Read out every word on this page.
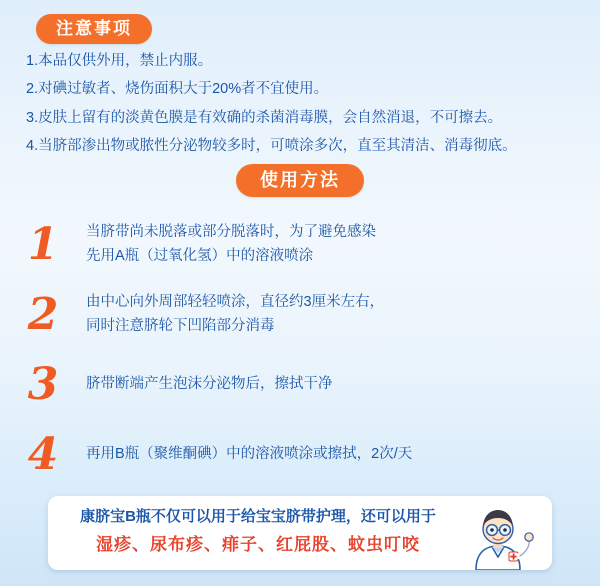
注意事项
1.本品仅供外用，禁止内服。
2.对碘过敏者、烧伤面积大于20%者不宜使用。
3.皮肤上留有的淡黄色膜是有效确的杀菌消毒膜，会自然消退，不可擦去。
4.当脐部渗出物或脓性分泌物较多时，可喷涂多次，直至其清洁、消毒彻底。
使用方法
1	当脐带尚未脱落或部分脱落时，为了避免感染
先用A瓶（过氧化氢）中的溶液喷涂
2	由中心向外周部轻轻喷涂，直径约3厘米左右，
同时注意脐轮下凹陷部分消毒
3	脐带断端产生泡沫分泌物后，擦拭干净
4	再用B瓶（聚维酮碘）中的溶液喷涂或擦拭，2次/天
康脐宝B瓶不仅可以用于给宝宝脐带护理，还可以用于
湿疹、尿布疹、痱子、红屁股、蚊虫叮咬
